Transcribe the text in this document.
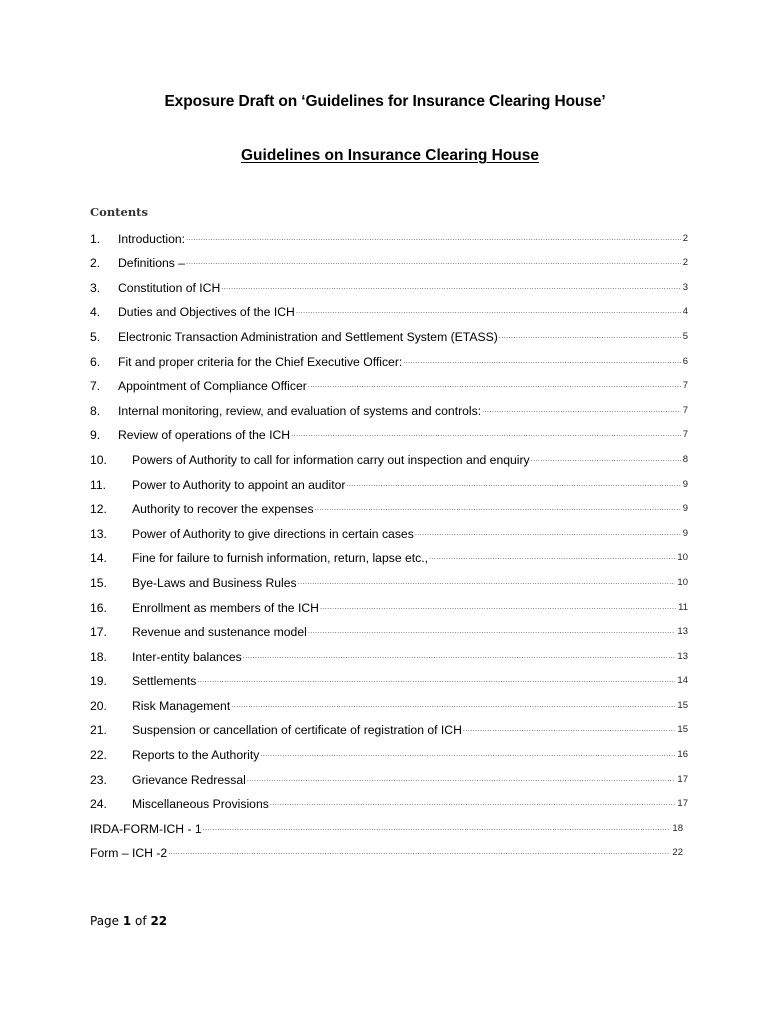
Exposure Draft on ‘Guidelines for Insurance Clearing House’
Guidelines on Insurance Clearing House
Contents
1. Introduction: .....	2
2. Definitions – .....	2
3. Constitution of ICH .....	3
4. Duties and Objectives of the ICH .....	4
5. Electronic Transaction Administration and Settlement System (ETASS) .....	5
6. Fit and proper criteria for the Chief Executive Officer: .....	6
7. Appointment of Compliance Officer .....	7
8. Internal monitoring, review, and evaluation of systems and controls: .....	7
9. Review of operations of the ICH .....	7
10. Powers of Authority to call for information carry out inspection and enquiry .....	8
11. Power to Authority to appoint an auditor .....	9
12. Authority to recover the expenses .....	9
13. Power of Authority to give directions in certain cases .....	9
14. Fine for failure to furnish information, return, lapse etc., .....	10
15. Bye-Laws and Business Rules .....	10
16. Enrollment as members of the ICH .....	11
17. Revenue and sustenance model .....	13
18. Inter-entity balances .....	13
19. Settlements .....	14
20. Risk Management .....	15
21. Suspension or cancellation of certificate of registration of ICH .....	15
22. Reports to the Authority .....	16
23. Grievance Redressal .....	17
24. Miscellaneous Provisions .....	17
IRDA-FORM-ICH - 1 .....	18
Form – ICH -2 .....	22
Page 1 of 22
